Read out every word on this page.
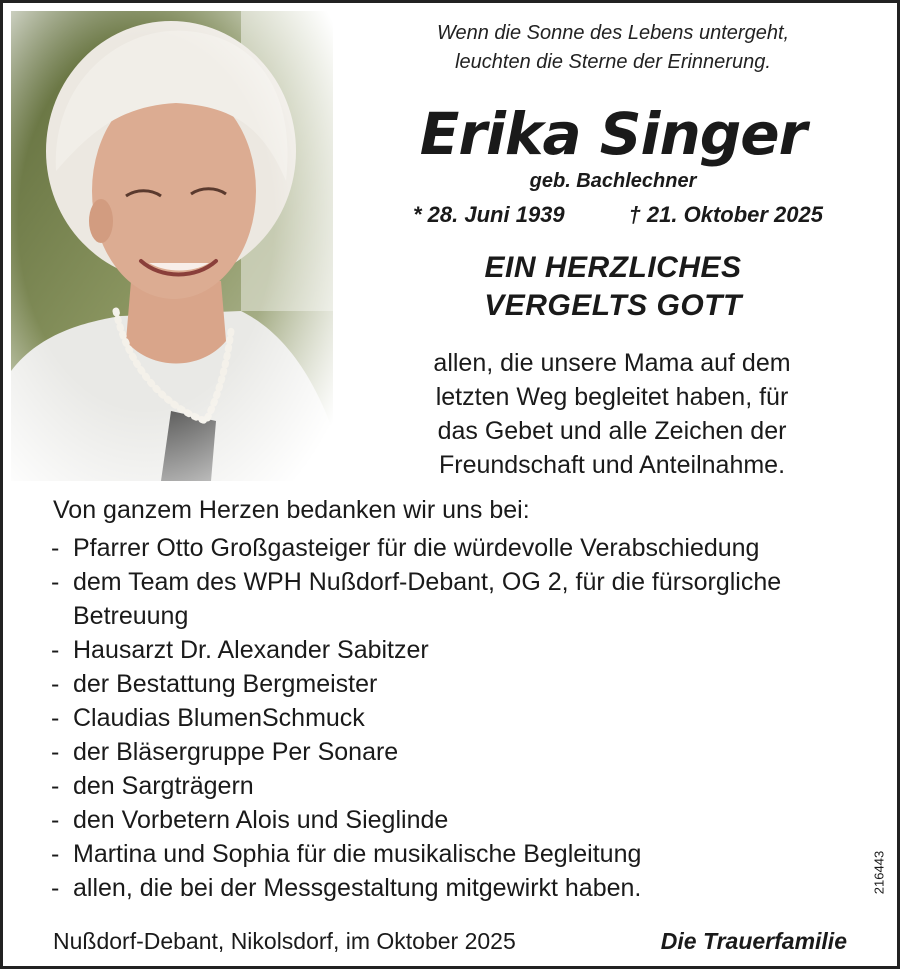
Wenn die Sonne des Lebens untergeht,
leuchten die Sterne der Erinnerung.
Erika Singer
geb. Bachlechner
* 28. Juni 1939	† 21. Oktober 2025
EIN HERZLICHES
VERGELTS GOTT
allen, die unsere Mama auf dem
letzten Weg begleitet haben, für
das Gebet und alle Zeichen der
Freundschaft und Anteilnahme.
Von ganzem Herzen bedanken wir uns bei:
- Pfarrer Otto Großgasteiger für die würdevolle Verabschiedung
- dem Team des WPH Nußdorf-Debant, OG 2, für die fürsorgliche Betreuung
- Hausarzt Dr. Alexander Sabitzer
- der Bestattung Bergmeister
- Claudias BlumenSchmuck
- der Bläsergruppe Per Sonare
- den Sargträgern
- den Vorbetern Alois und Sieglinde
- Martina und Sophia für die musikalische Begleitung
- allen, die bei der Messgestaltung mitgewirkt haben.	216443
Nußdorf-Debant, Nikolsdorf, im Oktober 2025	Die Trauerfamilie
